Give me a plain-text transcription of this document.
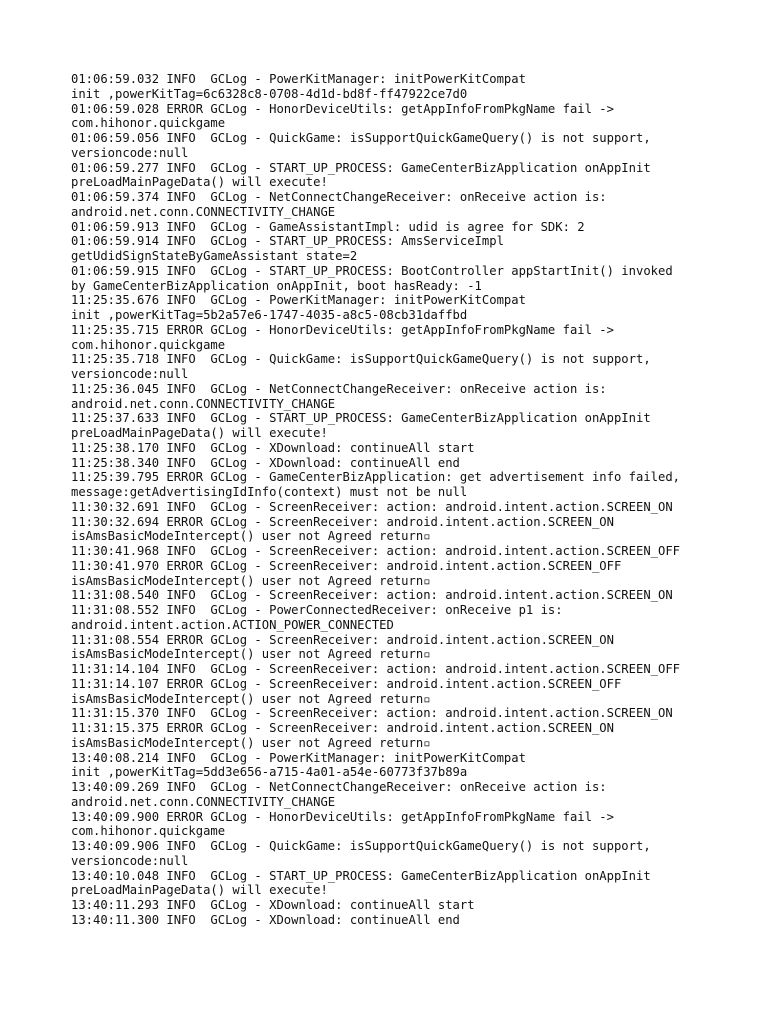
01:06:59.032 INFO  GCLog - PowerKitManager: initPowerKitCompat
init ,powerKitTag=6c6328c8-0708-4d1d-bd8f-ff47922ce7d0
01:06:59.028 ERROR GCLog - HonorDeviceUtils: getAppInfoFromPkgName fail ->
com.hihonor.quickgame
01:06:59.056 INFO  GCLog - QuickGame: isSupportQuickGameQuery() is not support,
versioncode:null
01:06:59.277 INFO  GCLog - START_UP_PROCESS: GameCenterBizApplication onAppInit
preLoadMainPageData() will execute!
01:06:59.374 INFO  GCLog - NetConnectChangeReceiver: onReceive action is:
android.net.conn.CONNECTIVITY_CHANGE
01:06:59.913 INFO  GCLog - GameAssistantImpl: udid is agree for SDK: 2
01:06:59.914 INFO  GCLog - START_UP_PROCESS: AmsServiceImpl
getUdidSignStateByGameAssistant state=2
01:06:59.915 INFO  GCLog - START_UP_PROCESS: BootController appStartInit() invoked
by GameCenterBizApplication onAppInit, boot hasReady: -1
11:25:35.676 INFO  GCLog - PowerKitManager: initPowerKitCompat
init ,powerKitTag=5b2a57e6-1747-4035-a8c5-08cb31daffbd
11:25:35.715 ERROR GCLog - HonorDeviceUtils: getAppInfoFromPkgName fail ->
com.hihonor.quickgame
11:25:35.718 INFO  GCLog - QuickGame: isSupportQuickGameQuery() is not support,
versioncode:null
11:25:36.045 INFO  GCLog - NetConnectChangeReceiver: onReceive action is:
android.net.conn.CONNECTIVITY_CHANGE
11:25:37.633 INFO  GCLog - START_UP_PROCESS: GameCenterBizApplication onAppInit
preLoadMainPageData() will execute!
11:25:38.170 INFO  GCLog - XDownload: continueAll start
11:25:38.340 INFO  GCLog - XDownload: continueAll end
11:25:39.795 ERROR GCLog - GameCenterBizApplication: get advertisement info failed,
message:getAdvertisingIdInfo(context) must not be null
11:30:32.691 INFO  GCLog - ScreenReceiver: action: android.intent.action.SCREEN_ON
11:30:32.694 ERROR GCLog - ScreenReceiver: android.intent.action.SCREEN_ON
isAmsBasicModeIntercept() user not Agreed return▫
11:30:41.968 INFO  GCLog - ScreenReceiver: action: android.intent.action.SCREEN_OFF
11:30:41.970 ERROR GCLog - ScreenReceiver: android.intent.action.SCREEN_OFF
isAmsBasicModeIntercept() user not Agreed return▫
11:31:08.540 INFO  GCLog - ScreenReceiver: action: android.intent.action.SCREEN_ON
11:31:08.552 INFO  GCLog - PowerConnectedReceiver: onReceive p1 is:
android.intent.action.ACTION_POWER_CONNECTED
11:31:08.554 ERROR GCLog - ScreenReceiver: android.intent.action.SCREEN_ON
isAmsBasicModeIntercept() user not Agreed return▫
11:31:14.104 INFO  GCLog - ScreenReceiver: action: android.intent.action.SCREEN_OFF
11:31:14.107 ERROR GCLog - ScreenReceiver: android.intent.action.SCREEN_OFF
isAmsBasicModeIntercept() user not Agreed return▫
11:31:15.370 INFO  GCLog - ScreenReceiver: action: android.intent.action.SCREEN_ON
11:31:15.375 ERROR GCLog - ScreenReceiver: android.intent.action.SCREEN_ON
isAmsBasicModeIntercept() user not Agreed return▫
13:40:08.214 INFO  GCLog - PowerKitManager: initPowerKitCompat
init ,powerKitTag=5dd3e656-a715-4a01-a54e-60773f37b89a
13:40:09.269 INFO  GCLog - NetConnectChangeReceiver: onReceive action is:
android.net.conn.CONNECTIVITY_CHANGE
13:40:09.900 ERROR GCLog - HonorDeviceUtils: getAppInfoFromPkgName fail ->
com.hihonor.quickgame
13:40:09.906 INFO  GCLog - QuickGame: isSupportQuickGameQuery() is not support,
versioncode:null
13:40:10.048 INFO  GCLog - START_UP_PROCESS: GameCenterBizApplication onAppInit
preLoadMainPageData() will execute!
13:40:11.293 INFO  GCLog - XDownload: continueAll start
13:40:11.300 INFO  GCLog - XDownload: continueAll end
